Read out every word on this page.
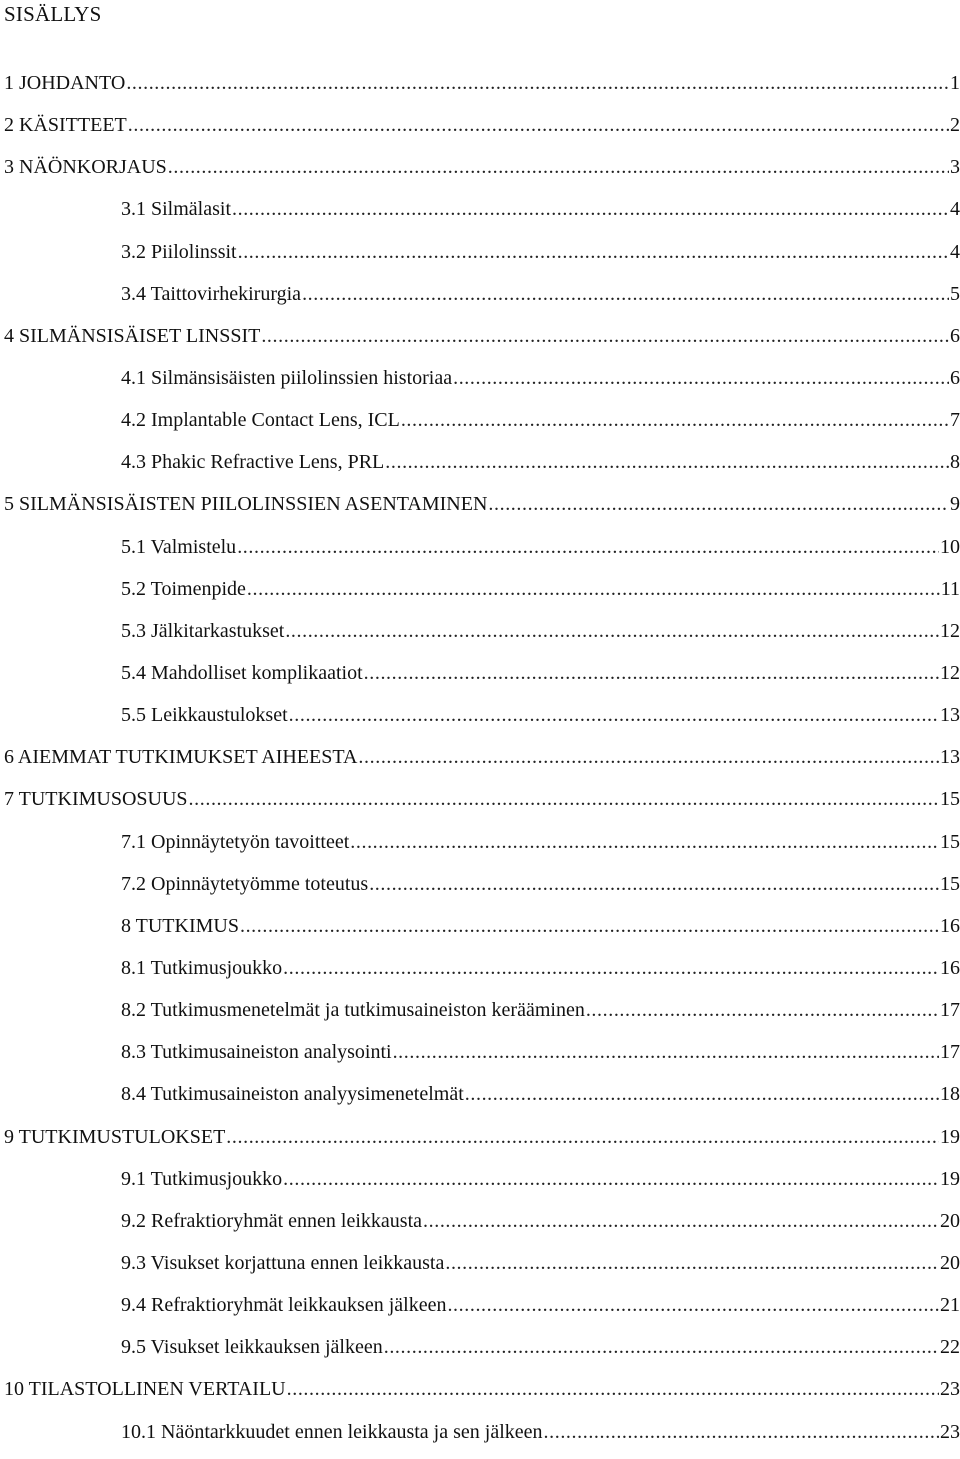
SISÄLLYS
1 JOHDANTO .....	1
2 KÄSITTEET .....	2
3 NÄÖNKORJAUS .....	3
3.1 Silmälasit .....	4
3.2 Piilolinssit .....	4
3.4 Taittovirhekirurgia .....	5
4 SILMÄNSISÄISET LINSSIT .....	6
4.1 Silmänsisäisten piilolinssien historiaa .....	6
4.2 Implantable Contact Lens, ICL .....	7
4.3 Phakic Refractive Lens, PRL .....	8
5 SILMÄNSISÄISTEN PIILOLINSSIEN ASENTAMINEN .....	9
5.1 Valmistelu .....	10
5.2 Toimenpide .....	11
5.3 Jälkitarkastukset .....	12
5.4 Mahdolliset komplikaatiot .....	12
5.5 Leikkaustulokset .....	13
6 AIEMMAT TUTKIMUKSET AIHEESTA .....	13
7 TUTKIMUSOSUUS .....	15
7.1 Opinnäytetyön tavoitteet .....	15
7.2 Opinnäytetyömme toteutus .....	15
8 TUTKIMUS .....	16
8.1 Tutkimusjoukko .....	16
8.2 Tutkimusmenetelmät ja tutkimusaineiston kerääminen .....	17
8.3 Tutkimusaineiston analysointi .....	17
8.4 Tutkimusaineiston analyysimenetelmät .....	18
9 TUTKIMUSTULOKSET .....	19
9.1 Tutkimusjoukko .....	19
9.2 Refraktioryhmät ennen leikkausta .....	20
9.3 Visukset korjattuna ennen leikkausta .....	20
9.4 Refraktioryhmät leikkauksen jälkeen .....	21
9.5 Visukset leikkauksen jälkeen .....	22
10 TILASTOLLINEN VERTAILU .....	23
10.1 Näöntarkkuudet ennen leikkausta ja sen jälkeen .....	23
